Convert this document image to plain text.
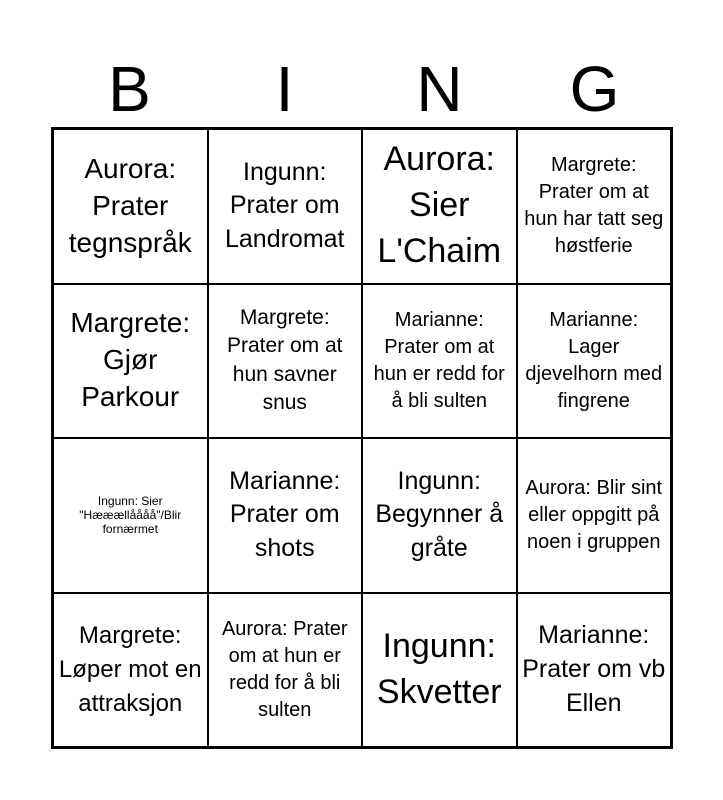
B	I	N	G
Aurora: Prater tegnspråk
Ingunn: Prater om Landromat
Aurora: Sier L'Chaim
Margrete: Prater om at hun har tatt seg høstferie
Margrete: Gjør Parkour
Margrete: Prater om at hun savner snus
Marianne: Prater om at hun er redd for å bli sulten
Marianne: Lager djevelhorn med fingrene
Ingunn: Sier "Hææællåååå"/Blir fornærmet
Marianne: Prater om shots
Ingunn: Begynner å gråte
Aurora: Blir sint eller oppgitt på noen i gruppen
Margrete: Løper mot en attraksjon
Aurora: Prater om at hun er redd for å bli sulten
Ingunn: Skvetter
Marianne: Prater om vb Ellen
